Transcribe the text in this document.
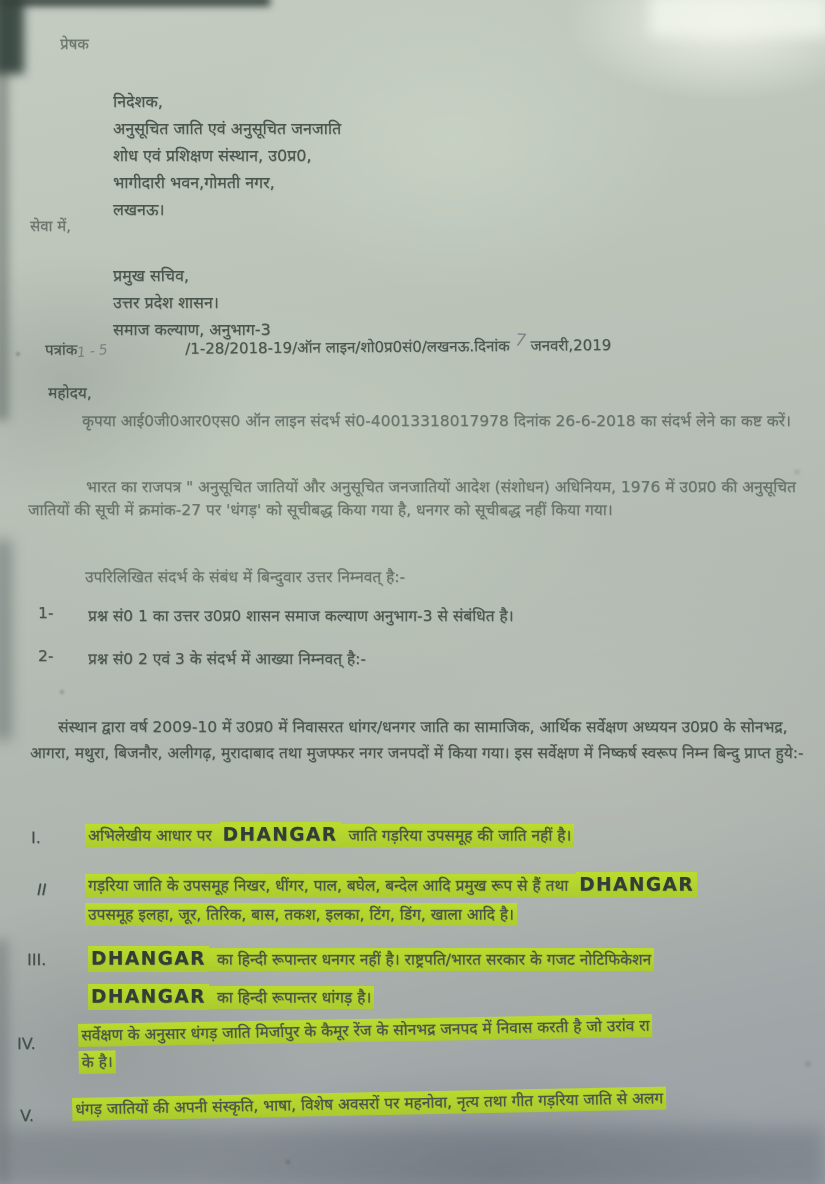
प्रेषक
निदेशक,
अनुसूचित जाति एवं अनुसूचित जनजाति
शोध एवं प्रशिक्षण संस्थान, उ0प्र0,
भागीदारी भवन,गोमती नगर,
लखनऊ।
सेवा में,
प्रमुख सचिव,
उत्तर प्रदेश शासन।
समाज कल्याण, अनुभाग-3
पत्रांक1-5	/1-28/2018-19/ऑन लाइन/शो0प्र0सं0/लखनऊ.दिनांक 7 जनवरी,2019
महोदय,
कृपया आई0जी0आर0एस0 ऑन लाइन संदर्भ सं0-40013318017978 दिनांक 26-6-2018 का संदर्भ लेने का कष्ट करें।
भारत का राजपत्र " अनुसूचित जातियों और अनुसूचित जनजातियों आदेश (संशोधन) अधिनियम, 1976 में उ0प्र0 की अनुसूचित जातियों की सूची में क्रमांक-27 पर 'धंगड़' को सूचीबद्ध किया गया है, धनगर को सूचीबद्ध नहीं किया गया।
उपरिलिखित संदर्भ के संबंध में बिन्दुवार उत्तर निम्नवत् है:-
1- प्रश्न सं0 1 का उत्तर उ0प्र0 शासन समाज कल्याण अनुभाग-3 से संबंधित है।
2- प्रश्न सं0 2 एवं 3 के संदर्भ में आख्या निम्नवत् है:-
संस्थान द्वारा वर्ष 2009-10 में उ0प्र0 में निवासरत धांगर/धनगर जाति का सामाजिक, आर्थिक सर्वेक्षण अध्ययन उ0प्र0 के सोनभद्र, आगरा, मथुरा, बिजनौर, अलीगढ़, मुरादाबाद तथा मुजफ्फर नगर जनपदों में किया गया। इस सर्वेक्षण में निष्कर्ष स्वरूप निम्न बिन्दु प्राप्त हुये:-
I.	अभिलेखीय आधार पर DHANGAR जाति गड़रिया उपसमूह की जाति नहीं है।
II	गड़रिया जाति के उपसमूह निखर, धींगर, पाल, बघेल, बन्देल आदि प्रमुख रूप से हैं तथा DHANGAR
उपसमूह इलहा, जूर, तिरिक, बास, तकश, इलका, टिंग, डिंग, खाला आदि है।
III. DHANGAR का हिन्दी रूपान्तर धनगर नहीं है। राष्ट्रपति/भारत सरकार के गजट नोटिफिकेशन
DHANGAR का हिन्दी रूपान्तर धांगड़ है।
IV.	सर्वेक्षण के अनुसार धंगड़ जाति मिर्जापुर के कैमूर रेंज के सोनभद्र जनपद में निवास करती है जो उरांव रा
के है।
V.	धंगड़ जातियों की अपनी संस्कृति, भाषा, विशेष अवसरों पर महनोवा, नृत्य तथा गीत गड़रिया जाति से अलग
